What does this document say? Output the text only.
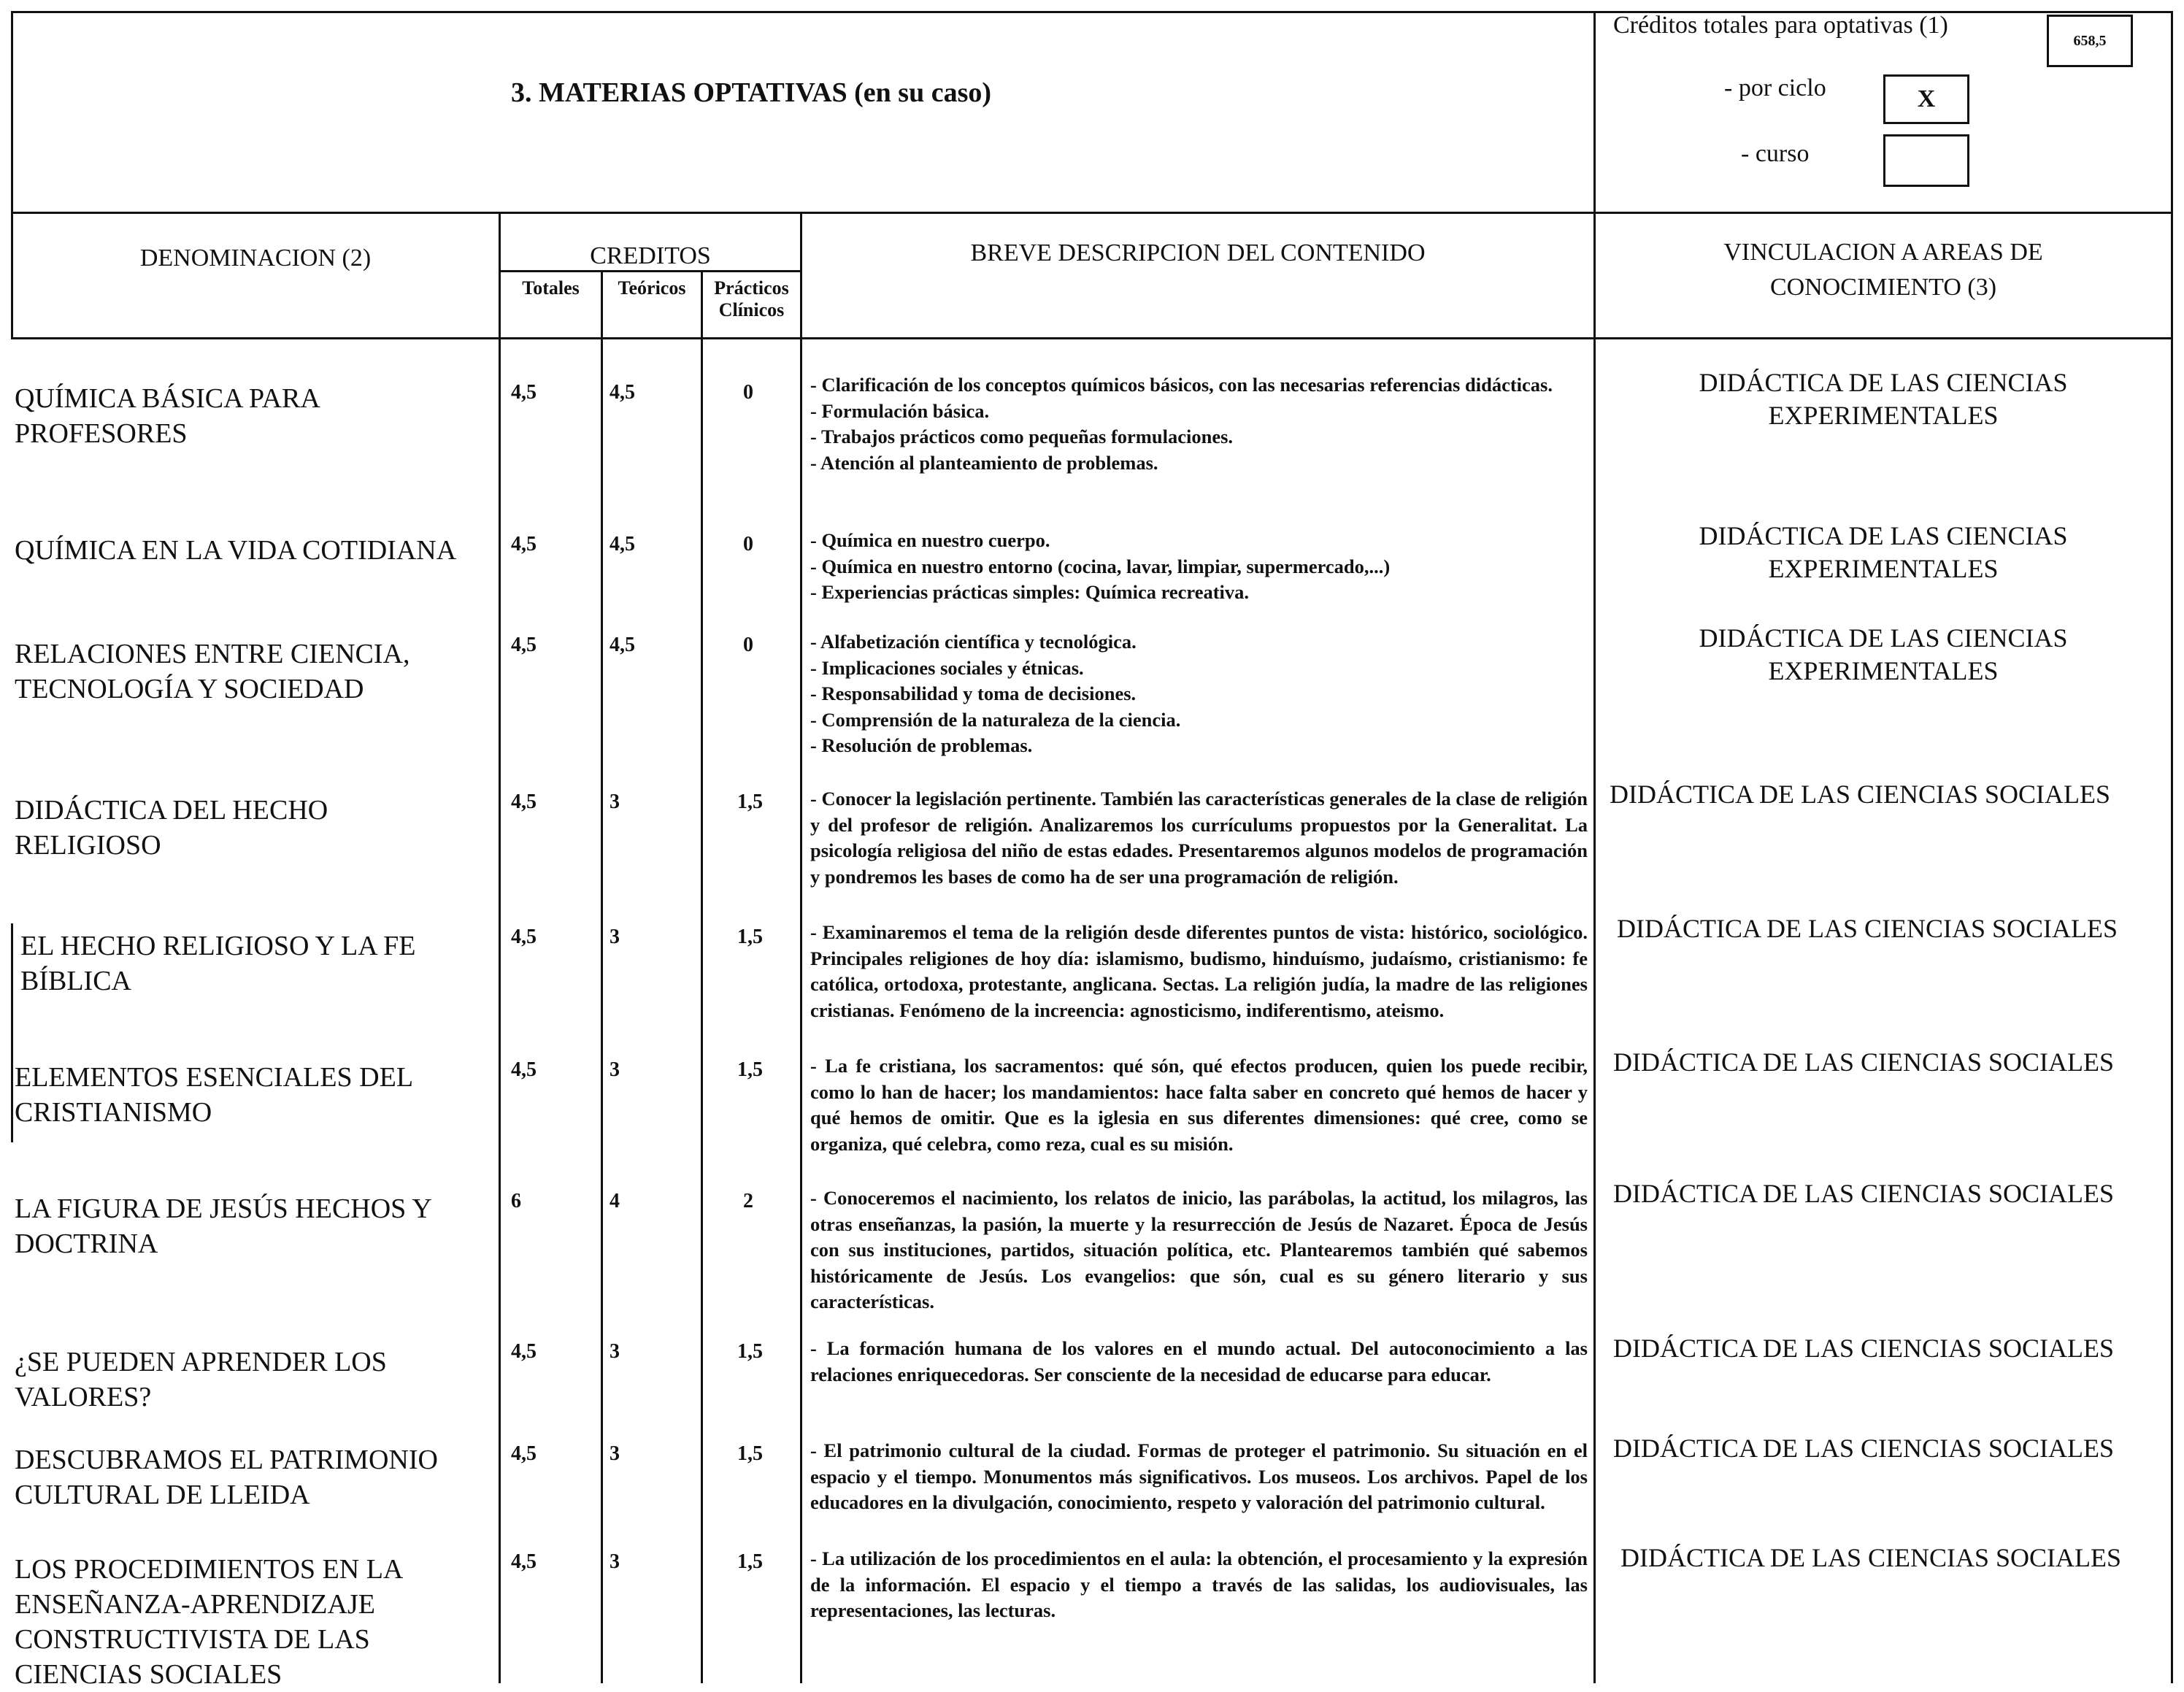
3. MATERIAS OPTATIVAS (en su caso)
Créditos totales para optativas (1)
658,5
- por ciclo	X
- curso
DENOMINACION (2)	CREDITOS
Totales	Teóricos	Prácticos
Clínicos
BREVE DESCRIPCION DEL CONTENIDO	VINCULACION A AREAS DE
CONOCIMIENTO (3)
QUÍMICA BÁSICA PARA
PROFESORES
4,5	4,5	0	- Clarificación de los conceptos químicos básicos, con las necesarias referencias didácticas.
- Formulación básica.
- Trabajos prácticos como pequeñas formulaciones.
- Atención al planteamiento de problemas.
DIDÁCTICA DE LAS CIENCIAS
EXPERIMENTALES
QUÍMICA EN LA VIDA COTIDIANA	4,5	4,5	0	- Química en nuestro cuerpo.
- Química en nuestro entorno (cocina, lavar, limpiar, supermercado,...)
- Experiencias prácticas simples: Química recreativa.
DIDÁCTICA DE LAS CIENCIAS
EXPERIMENTALES
RELACIONES ENTRE CIENCIA,
TECNOLOGÍA Y SOCIEDAD
4,5	4,5	0	- Alfabetización científica y tecnológica.
- Implicaciones sociales y étnicas.
- Responsabilidad y toma de decisiones.
- Comprensión de la naturaleza de la ciencia.
- Resolución de problemas.
DIDÁCTICA DE LAS CIENCIAS
EXPERIMENTALES
DIDÁCTICA DEL HECHO
RELIGIOSO
4,5	3	1,5 - Conocer la legislación pertinente. También las características generales de la clase de religión y del profesor de religión. Analizaremos los currículums propuestos por la Generalitat. La psicología religiosa del niño de estas edades. Presentaremos algunos modelos de programación y pondremos les bases de como ha de ser una programación de religión.
DIDÁCTICA DE LAS CIENCIAS SOCIALES
EL HECHO RELIGIOSO Y LA FE
BÍBLICA
4,5	3	1,5 - Examinaremos el tema de la religión desde diferentes puntos de vista: histórico, sociológico. Principales religiones de hoy día: islamismo, budismo, hinduísmo, judaísmo, cristianismo: fe católica, ortodoxa, protestante, anglicana. Sectas. La religión judía, la madre de las religiones cristianas. Fenómeno de la increencia: agnosticismo, indiferentismo, ateismo.
DIDÁCTICA DE LAS CIENCIAS SOCIALES
ELEMENTOS ESENCIALES DEL
CRISTIANISMO
4,5	3	1,5 - La fe cristiana, los sacramentos: qué són, qué efectos producen, quien los puede recibir, como lo han de hacer; los mandamientos: hace falta saber en concreto qué hemos de hacer y qué hemos de omitir. Que es la iglesia en sus diferentes dimensiones: qué cree, como se organiza, qué celebra, como reza, cual es su misión.
DIDÁCTICA DE LAS CIENCIAS SOCIALES
LA FIGURA DE JESÚS HECHOS Y
DOCTRINA
6	4	2	- Conoceremos el nacimiento, los relatos de inicio, las parábolas, la actitud, los milagros, las otras enseñanzas, la pasión, la muerte y la resurrección de Jesús de Nazaret. Época de Jesús con sus instituciones, partidos, situación política, etc. Plantearemos también qué sabemos históricamente de Jesús. Los evangelios: que són, cual es su género literario y sus características.
DIDÁCTICA DE LAS CIENCIAS SOCIALES
¿SE PUEDEN APRENDER LOS
VALORES?
4,5	3	1,5 - La formación humana de los valores en el mundo actual. Del autoconocimiento a las relaciones enriquecedoras. Ser consciente de la necesidad de educarse para educar.
DIDÁCTICA DE LAS CIENCIAS SOCIALES
DESCUBRAMOS EL PATRIMONIO
CULTURAL DE LLEIDA
4,5	3	1,5 - El patrimonio cultural de la ciudad. Formas de proteger el patrimonio. Su situación en el espacio y el tiempo. Monumentos más significativos. Los museos. Los archivos. Papel de los educadores en la divulgación, conocimiento, respeto y valoración del patrimonio cultural.
DIDÁCTICA DE LAS CIENCIAS SOCIALES
LOS PROCEDIMIENTOS EN LA
ENSEÑANZA-APRENDIZAJE
CONSTRUCTIVISTA DE LAS
CIENCIAS SOCIALES
4,5	3	1,5 - La utilización de los procedimientos en el aula: la obtención, el procesamiento y la expresión de la información. El espacio y el tiempo a través de las salidas, los audiovisuales, las representaciones, las lecturas.
DIDÁCTICA DE LAS CIENCIAS SOCIALES
